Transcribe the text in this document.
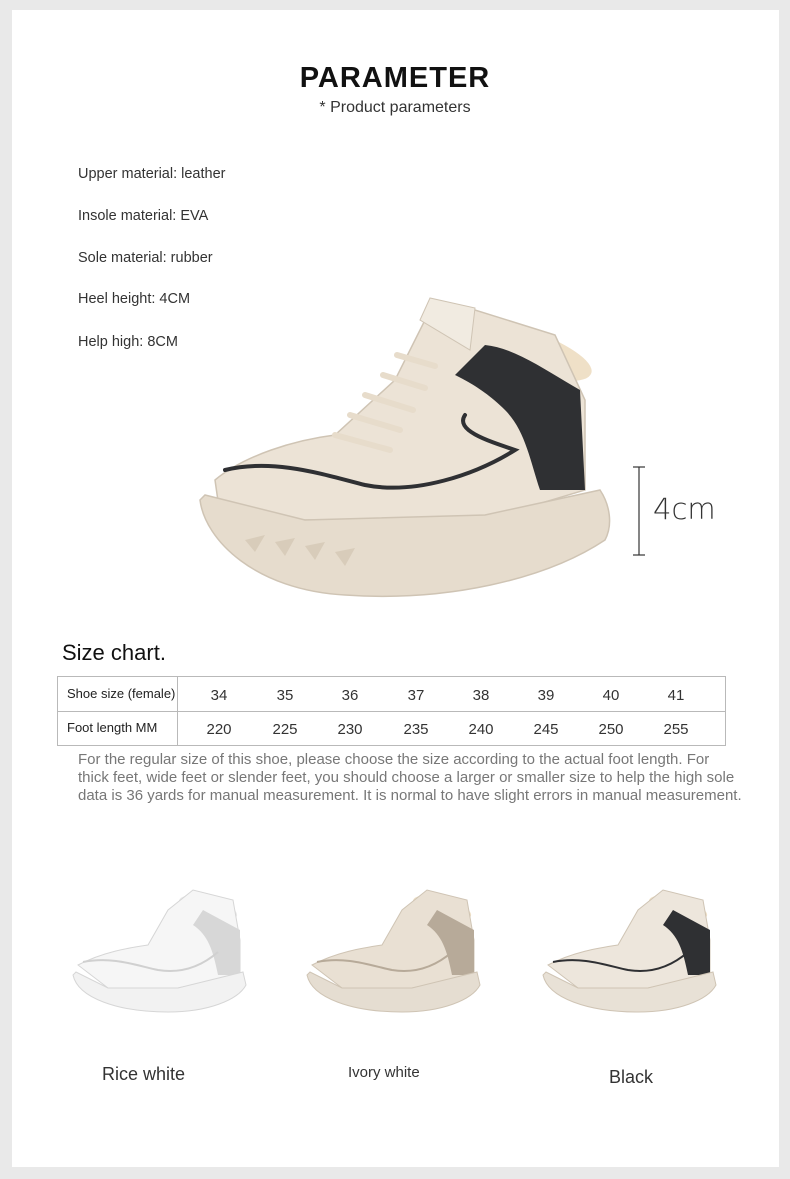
PARAMETER
* Product parameters
Upper material: leather
Insole material: EVA
Sole material: rubber
Heel height: 4CM
Help high: 8CM
4cm
Size chart.
Shoe size (female)	34	35	36	37	38	39	40	41
Foot length MM	220	225	230	235	240	245	250	255
For the regular size of this shoe, please choose the size according to the actual foot length. For thick feet, wide feet or slender feet, you should choose a larger or smaller size to help the high sole data is 36 yards for manual measurement. It is normal to have slight errors in manual measurement.
Rice white	Ivory white	Black
